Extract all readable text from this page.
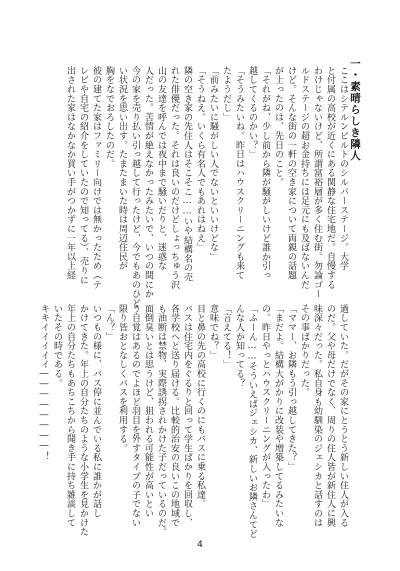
一・素晴らしき隣人
ここはシテルンビルトのシルバーステージ。大学
と付属の高校が近くにある関静な住宅地だ。自慢する
わけじゃないけど、所謂富裕層が多く住む街。勿論ゴー
ルドステージの超お金持ちには足元にも及ばないんだ
けど。そんな街の一軒の空き家について両親の話題
が上ったのは、先日のこと。
「それがね、少し前から隣が騒がしいけど誰か引っ
越してくるのかい？」
「そうみたいね。昨日はハウスクリーニングも来て
たようだし」
「前みたいに騒がしい人でないといいけどな」
「そうねえ。いくら有名人でもあれはねえ」
隣の空き家の先住人はそこそこ……いや結構名の売
れた俳優だった。それは良いのだけどしょっちゅう沢
山の友達を呼んでは夜中まで騒いだりと、迷惑な
人だった。苦情が絶えなかったみたいで、いつの間にか
今の家を売り払い引っ越して行ったけど、今でもあのひど
い状況を思い出す。たまたまいた時は周辺住民が
胸をなでおろしたのだ。
彼の建てた家はファミリー向けでは無かったため（テ
レビや自宅の紹介をしていたので知ってる）、売りに
出された家はなかなか買い手がつかずに一年以上経
過していた。だがその家にとうとう新しい住人が入る
のだ。父や母だけでなく、周りの住人皆が新住人に興
味深々だった。私自身も幼馴染のジェシカと話すのは
その事ばかりだった。
「ママー、お隣もう引っ越してきた？」
「まだよ。結構大がかりに改装や増築してるみたいな
の。昨日やっとハウスクリーニングが入ったわ」
「ふーん……そういえばジェシカ、新しいお隣さんてど
んな人か知ってる？
「言えてる！」
意味でね？」
目と鼻の先の高校に行くのにもバスに乗る私達。
バスは住宅内をぐるりと回って学生ばかりを回収し、
各学校へと送り届ける。比較的治安の良いこの地域で
も油断は禁物、実際誘拐されかけた子だっているのだ。
面倒臭いとは思うけど、狙われる可能性が高いとい
う自覚はあるのでよほど羽目を外すタイプの子でない
限り皆おとなしくバスを利用する。
「ん？」
いつもの様に、バス停に並んでいる私に誰かが話し
かけてきた。年上の自分たちのような小学生を見かけた
年上の自分たちもあちこちから聞き手に持ち雑談して
いたその時である。
キキイイイイイ――――――――！
4
